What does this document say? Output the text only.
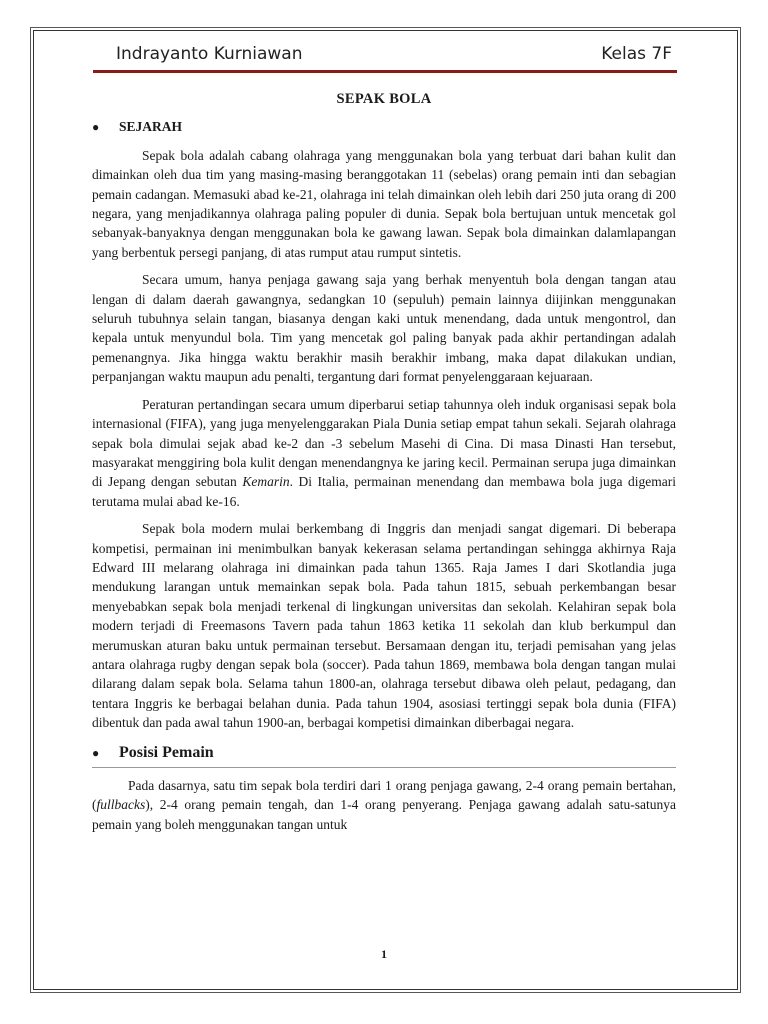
Indrayanto Kurniawan	Kelas 7F
SEPAK BOLA
●	SEJARAH

Sepak bola adalah cabang olahraga yang menggunakan bola yang terbuat dari bahan kulit dan dimainkan oleh dua tim yang masing-masing beranggotakan 11 (sebelas) orang pemain inti dan sebagian pemain cadangan. Memasuki abad ke-21, olahraga ini telah dimainkan oleh lebih dari 250 juta orang di 200 negara, yang menjadikannya olahraga paling populer di dunia. Sepak bola bertujuan untuk mencetak gol sebanyak-banyaknya dengan menggunakan bola ke gawang lawan. Sepak bola dimainkan dalamlapangan yang berbentuk persegi panjang, di atas rumput atau rumput sintetis.

Secara umum, hanya penjaga gawang saja yang berhak menyentuh bola dengan tangan atau lengan di dalam daerah gawangnya, sedangkan 10 (sepuluh) pemain lainnya diijinkan menggunakan seluruh tubuhnya selain tangan, biasanya dengan kaki untuk menendang, dada untuk mengontrol, dan kepala untuk menyundul bola. Tim yang mencetak gol paling banyak pada akhir pertandingan adalah pemenangnya. Jika hingga waktu berakhir masih berakhir imbang, maka dapat dilakukan undian, perpanjangan waktu maupun adu penalti, tergantung dari format penyelenggaraan kejuaraan.

Peraturan pertandingan secara umum diperbarui setiap tahunnya oleh induk organisasi sepak bola internasional (FIFA), yang juga menyelenggarakan Piala Dunia setiap empat tahun sekali. Sejarah olahraga sepak bola dimulai sejak abad ke-2 dan -3 sebelum Masehi di Cina. Di masa Dinasti Han tersebut, masyarakat menggiring bola kulit dengan menendangnya ke jaring kecil. Permainan serupa juga dimainkan di Jepang dengan sebutan Kemarin. Di Italia, permainan menendang dan membawa bola juga digemari terutama mulai abad ke-16.

Sepak bola modern mulai berkembang di Inggris dan menjadi sangat digemari. Di beberapa kompetisi, permainan ini menimbulkan banyak kekerasan selama pertandingan sehingga akhirnya Raja Edward III melarang olahraga ini dimainkan pada tahun 1365. Raja James I dari Skotlandia juga mendukung larangan untuk memainkan sepak bola. Pada tahun 1815, sebuah perkembangan besar menyebabkan sepak bola menjadi terkenal di lingkungan universitas dan sekolah. Kelahiran sepak bola modern terjadi di Freemasons Tavern pada tahun 1863 ketika 11 sekolah dan klub berkumpul dan merumuskan aturan baku untuk permainan tersebut. Bersamaan dengan itu, terjadi pemisahan yang jelas antara olahraga rugby dengan sepak bola (soccer). Pada tahun 1869, membawa bola dengan tangan mulai dilarang dalam sepak bola. Selama tahun 1800-an, olahraga tersebut dibawa oleh pelaut, pedagang, dan tentara Inggris ke berbagai belahan dunia. Pada tahun 1904, asosiasi tertinggi sepak bola dunia (FIFA) dibentuk dan pada awal tahun 1900-an, berbagai kompetisi dimainkan diberbagai negara.

●	Posisi Pemain

Pada dasarnya, satu tim sepak bola terdiri dari 1 orang penjaga gawang, 2-4 orang pemain bertahan, (fullbacks), 2-4 orang pemain tengah, dan 1-4 orang penyerang. Penjaga gawang adalah satu-satunya pemain yang boleh menggunakan tangan untuk

1
